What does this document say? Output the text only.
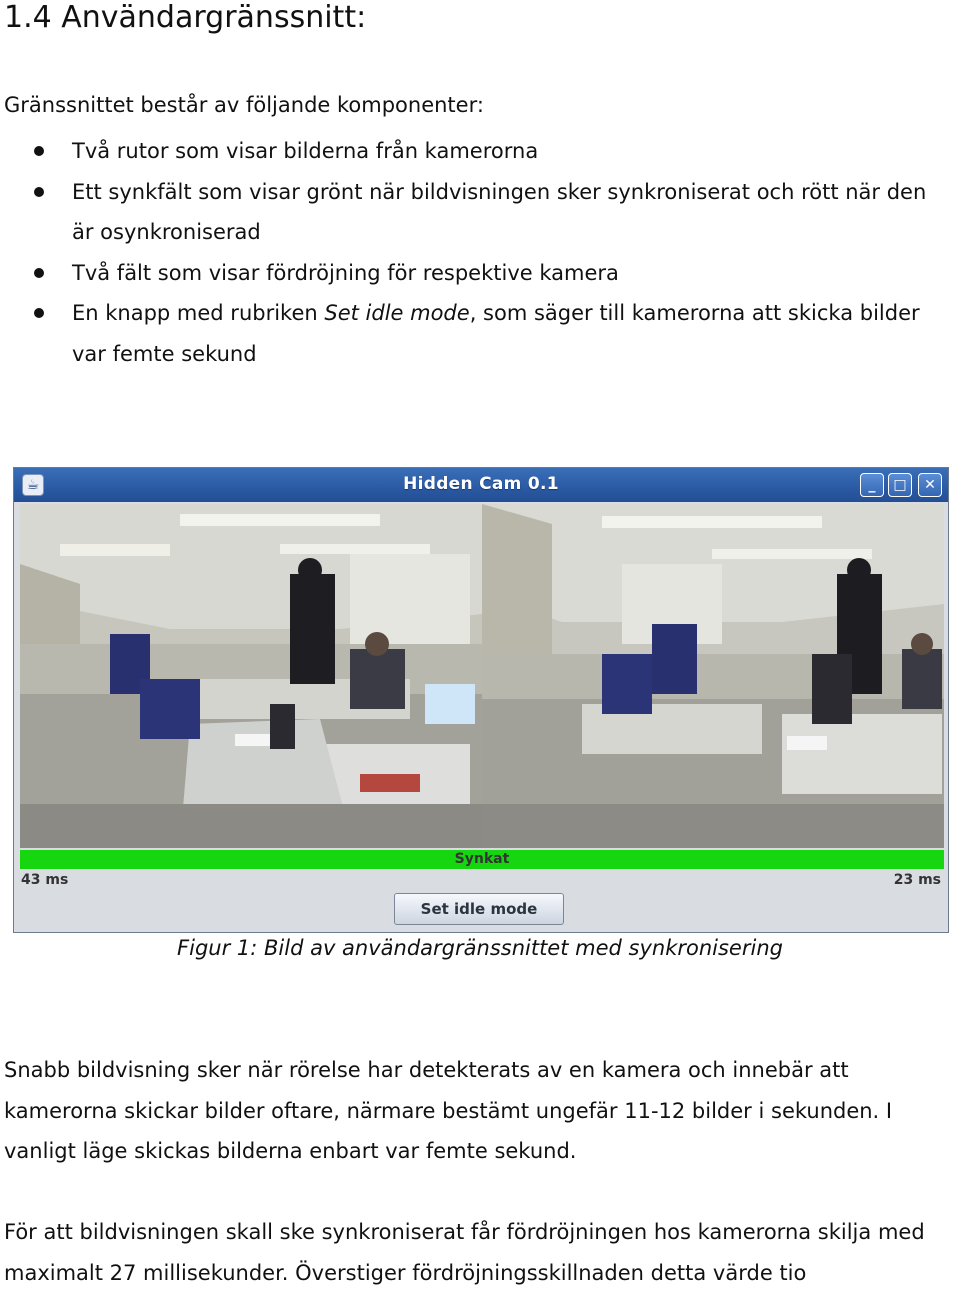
1.4 Användargränssnitt:
Gränssnittet består av följande komponenter:
Två rutor som visar bilderna från kamerorna
Ett synkfält som visar grönt när bildvisningen sker synkroniserat och rött när den är osynkroniserad
Två fält som visar fördröjning för respektive kamera
En knapp med rubriken Set idle mode, som säger till kamerorna att skicka bilder var femte sekund
☕	Hidden Cam 0.1	_	□	✕
Synkat
43 ms	23 ms
Set idle mode
Figur 1: Bild av användargränssnittet med synkronisering

Snabb bildvisning sker när rörelse har detekterats av en kamera och innebär att kamerorna skickar bilder oftare, närmare bestämt ungefär 11-12 bilder i sekunden. I vanligt läge skickas bilderna enbart var femte sekund.

För att bildvisningen skall ske synkroniserat får fördröjningen hos kamerorna skilja med maximalt 27 millisekunder. Överstiger fördröjningsskillnaden detta värde tio
